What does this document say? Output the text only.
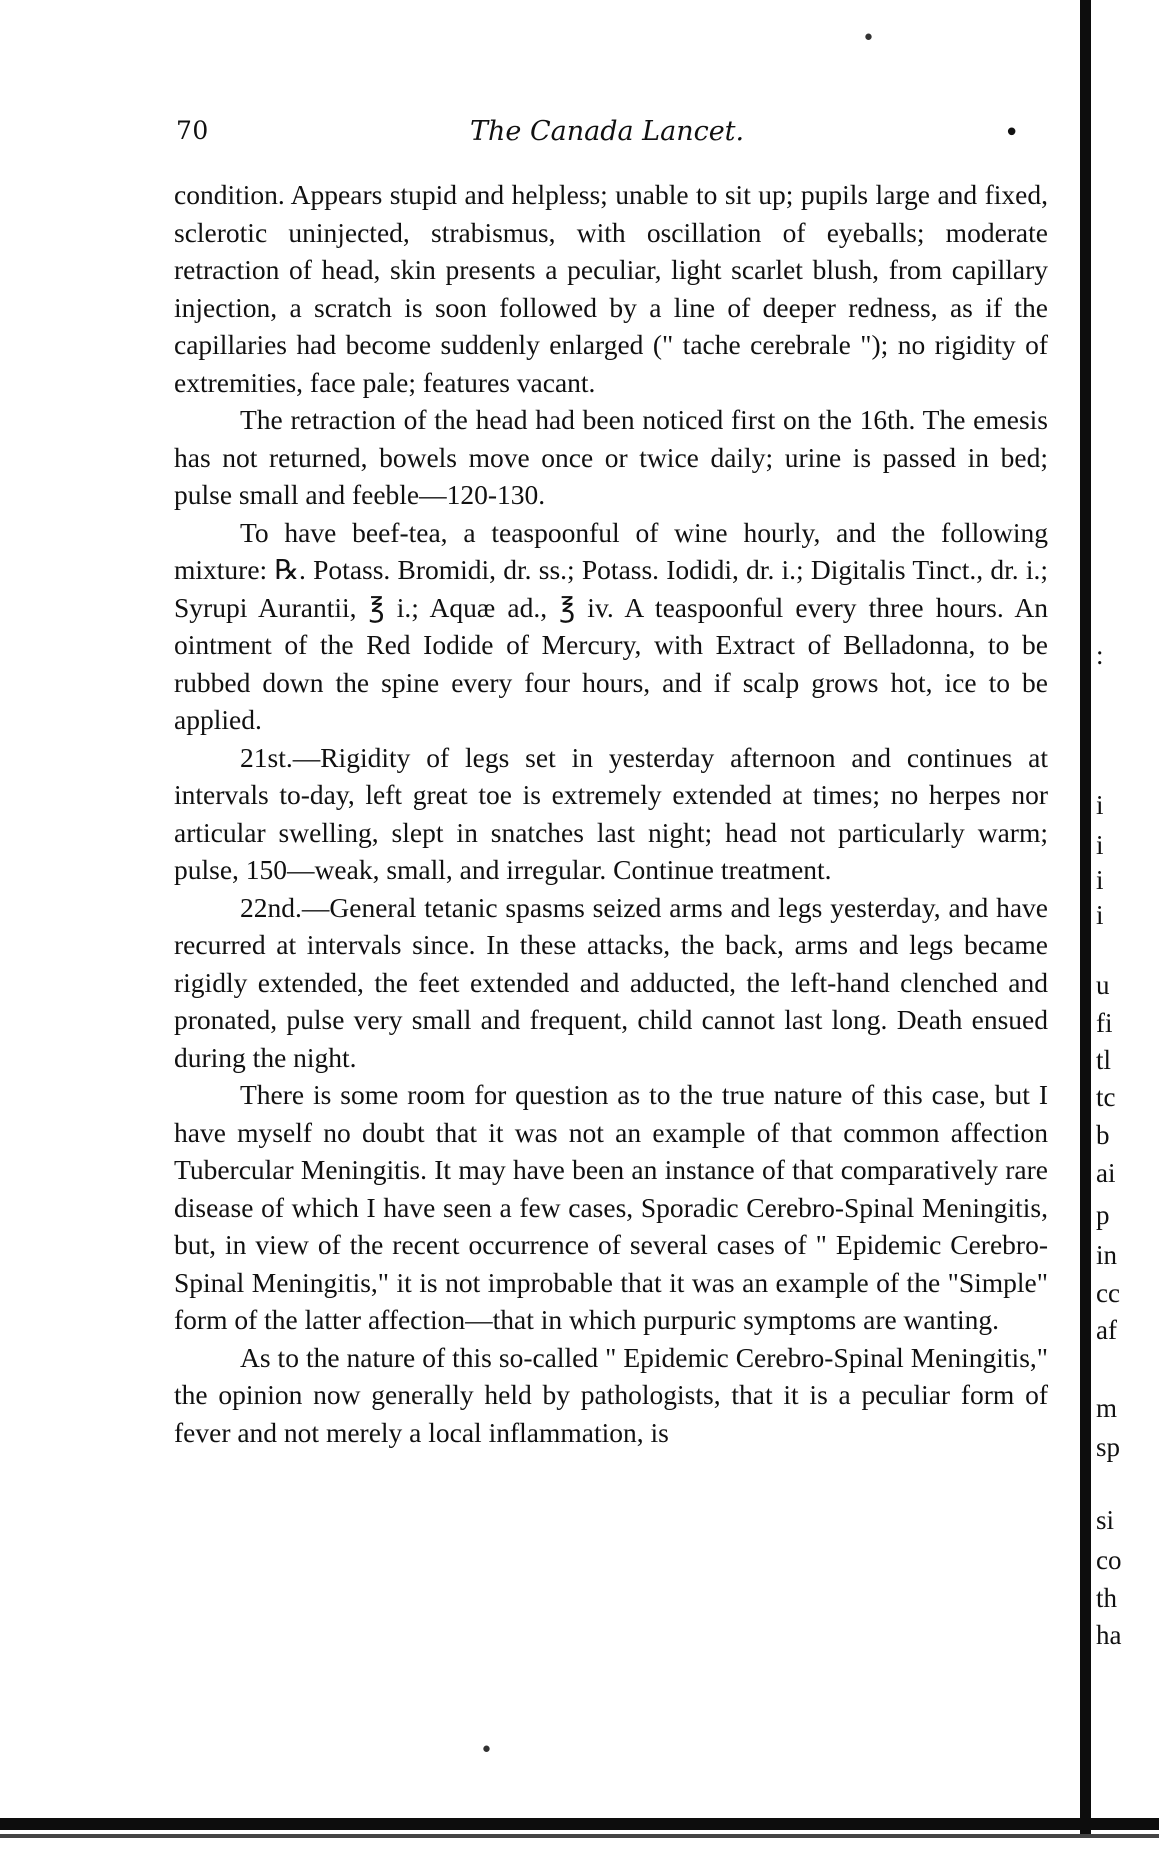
70	The Canada Lancet.	•
•
•

condition. Appears stupid and helpless; unable to sit up; pupils large and fixed, sclerotic uninjected, strabismus, with oscillation of eyeballs; moderate retraction of head, skin presents a peculiar, light scarlet blush, from capillary injection, a scratch is soon followed by a line of deeper redness, as if the capillaries had become suddenly enlarged (" tache cerebrale "); no rigidity of extremities, face pale; features vacant.

The retraction of the head had been noticed first on the 16th. The emesis has not returned, bowels move once or twice daily; urine is passed in bed; pulse small and feeble—120-130.

To have beef-tea, a teaspoonful of wine hourly, and the following mixture: ℞. Potass. Bromidi, dr. ss.; Potass. Iodidi, dr. i.; Digitalis Tinct., dr. i.; Syrupi Aurantii, ℥ i.; Aquæ ad., ℥ iv. A teaspoonful every three hours. An ointment of the Red Iodide of Mercury, with Extract of Belladonna, to be rubbed down the spine every four hours, and if scalp grows hot, ice to be applied.

21st.—Rigidity of legs set in yesterday afternoon and continues at intervals to-day, left great toe is extremely extended at times; no herpes nor articular swelling, slept in snatches last night; head not particularly warm; pulse, 150—weak, small, and irregular. Continue treatment.

22nd.—General tetanic spasms seized arms and legs yesterday, and have recurred at intervals since. In these attacks, the back, arms and legs became rigidly extended, the feet extended and adducted, the left-hand clenched and pronated, pulse very small and frequent, child cannot last long. Death ensued during the night.

There is some room for question as to the true nature of this case, but I have myself no doubt that it was not an example of that common affection Tubercular Meningitis. It may have been an instance of that comparatively rare disease of which I have seen a few cases, Sporadic Cerebro-Spinal Meningitis, but, in view of the recent occurrence of several cases of " Epidemic Cerebro-Spinal Meningitis," it is not improbable that it was an example of the "Simple" form of the latter affection—that in which purpuric symptoms are wanting.

As to the nature of this so-called " Epidemic Cerebro-Spinal Meningitis," the opinion now generally held by pathologists, that it is a peculiar form of fever and not merely a local inflammation, is

:
i
i
i
i
u
fi
tl
tc
b
ai
p
in
cc
af
m
sp
si
co
th
ha
